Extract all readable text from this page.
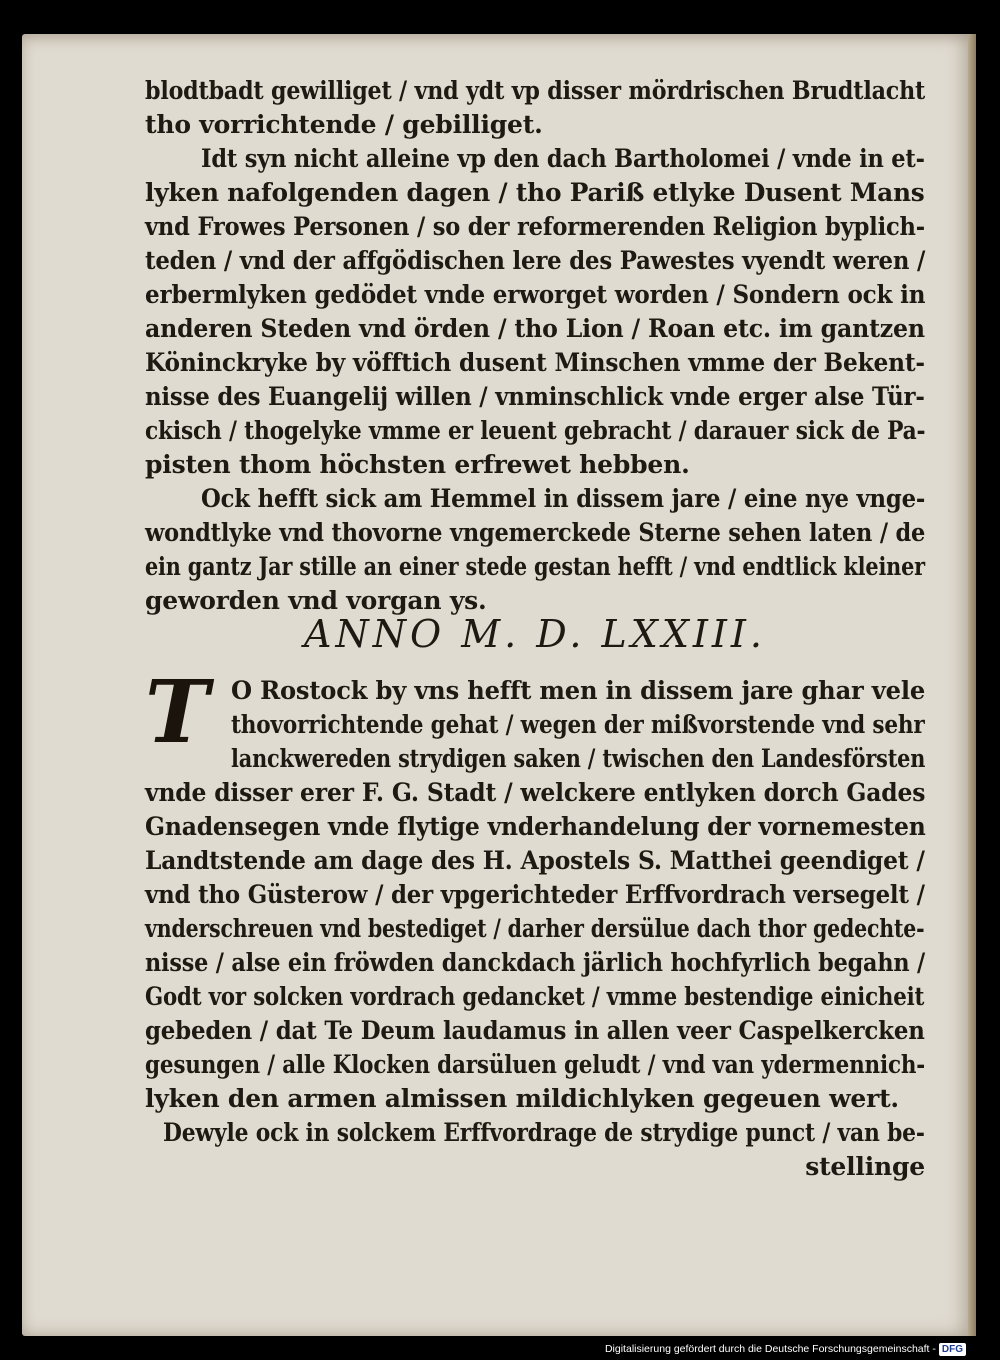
blodtbadt gewilliget / vnd ydt vp disser mördrischen Brudtlacht
tho vorrichtende / gebilliget.
Idt syn nicht alleine vp den dach Bartholomei / vnde in et-
lyken nafolgenden dagen / tho Pariß etlyke Dusent Mans
vnd Frowes Personen / so der reformerenden Religion byplich-
teden / vnd der affgödischen lere des Pawestes vyendt weren /
erbermlyken gedödet vnde erworget worden / Sondern ock in
anderen Steden vnd örden / tho Lion / Roan etc. im gantzen
Köninckryke by vöfftich dusent Minschen vmme der Bekent-
nisse des Euangelij willen / vnminschlick vnde erger alse Tür-
ckisch / thogelyke vmme er leuent gebracht / darauer sick de Pa-
pisten thom höchsten erfrewet hebben.
Ock hefft sick am Hemmel in dissem jare / eine nye vnge-
wondtlyke vnd thovorne vngemerckede Sterne sehen laten / de
ein gantz Jar stille an einer stede gestan hefft / vnd endtlick kleiner
geworden vnd vorgan ys.
ANNO M. D. LXXIII.
T O Rostock by vns hefft men in dissem jare ghar vele
thovorrichtende gehat / wegen der mißvorstende vnd sehr
lanckwereden strydigen saken / twischen den Landesförsten
vnde disser erer F. G. Stadt / welckere entlyken dorch Gades
Gnadensegen vnde flytige vnderhandelung der vornemesten
Landtstende am dage des H. Apostels S. Matthei geendiget /
vnd tho Güsterow / der vpgerichteder Erffvordrach versegelt /
vnderschreuen vnd bestediget / darher dersülue dach thor gedechte-
nisse / alse ein fröwden danckdach järlich hochfyrlich begahn /
Godt vor solcken vordrach gedancket / vmme bestendige einicheit
gebeden / dat Te Deum laudamus in allen veer Caspelkercken
gesungen / alle Klocken darsüluen geludt / vnd van ydermennich-
lyken den armen almissen mildichlyken gegeuen wert.
Dewyle ock in solckem Erffvordrage de strydige punct / van be-
stellinge
Digitalisierung gefördert durch die Deutsche Forschungsgemeinschaft - DFG
